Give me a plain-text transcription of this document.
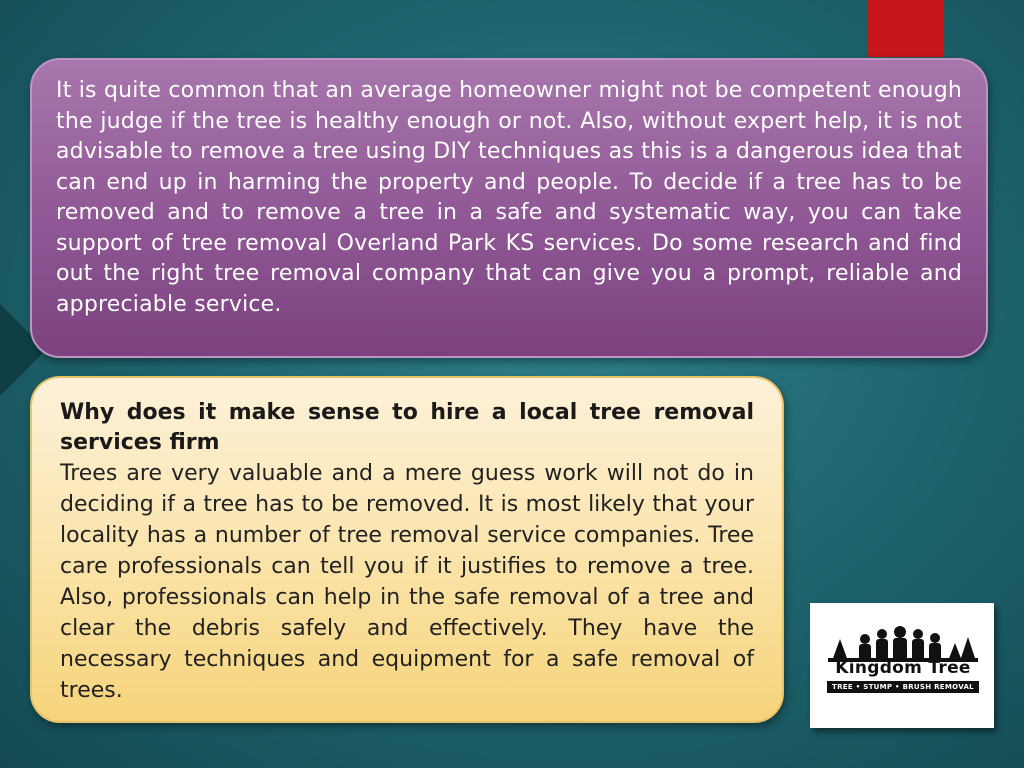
It is quite common that an average homeowner might not be competent enough the judge if the tree is healthy enough or not. Also, without expert help, it is not advisable to remove a tree using DIY techniques as this is a dangerous idea that can end up in harming the property and people. To decide if a tree has to be removed and to remove a tree in a safe and systematic way, you can take support of tree removal Overland Park KS services. Do some research and find out the right tree removal company that can give you a prompt, reliable and appreciable service.

Why does it make sense to hire a local tree removal services firm

Trees are very valuable and a mere guess work will not do in deciding if a tree has to be removed. It is most likely that your locality has a number of tree removal service companies. Tree care professionals can tell you if it justifies to remove a tree. Also, professionals can help in the safe removal of a tree and clear the debris safely and effectively. They have the necessary techniques and equipment for a safe removal of trees.

Kingdom Tree
TREE • STUMP • BRUSH REMOVAL
